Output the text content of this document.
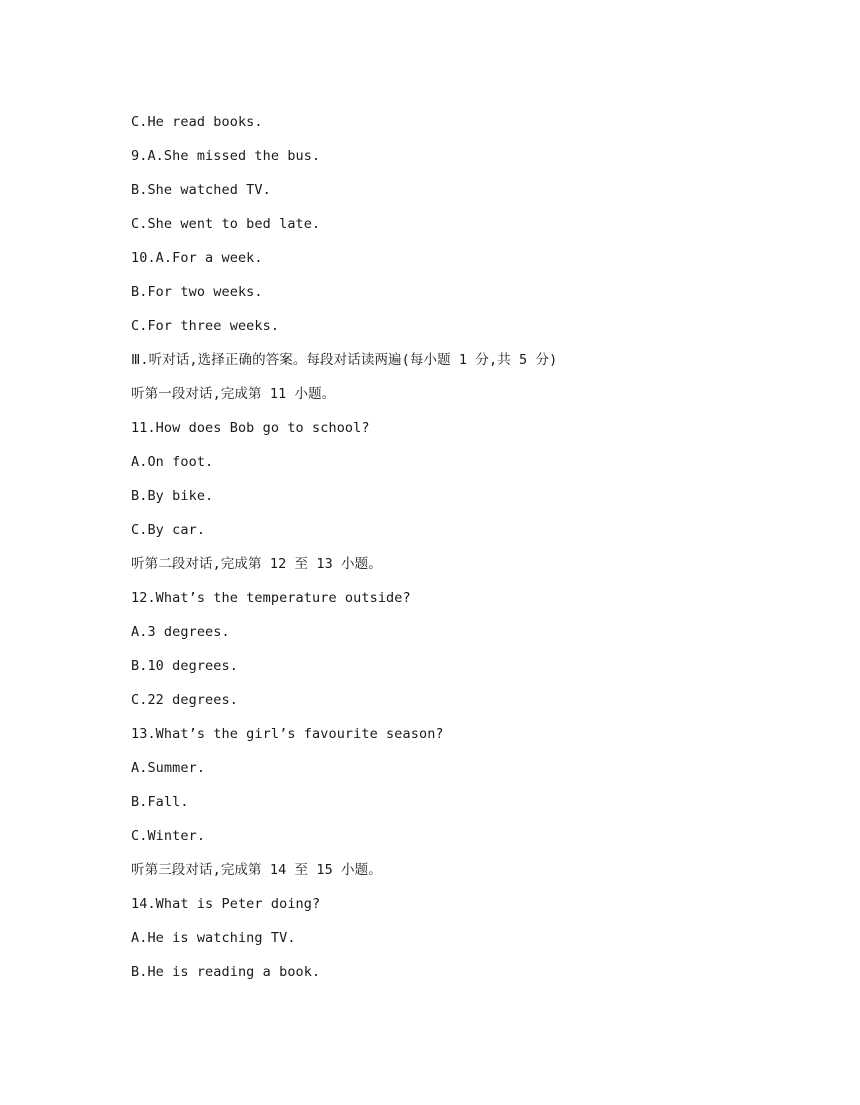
C.He read books.
9.A.She missed the bus.
B.She watched TV.
C.She went to bed late.
10.A.For a week.
B.For two weeks.
C.For three weeks.
Ⅲ.听对话,选择正确的答案。每段对话读两遍(每小题 1 分,共 5 分)
听第一段对话,完成第 11 小题。
11.How does Bob go to school?
A.On foot.
B.By bike.
C.By car.
听第二段对话,完成第 12 至 13 小题。
12.What’s the temperature outside?
A.3 degrees.
B.10 degrees.
C.22 degrees.
13.What’s the girl’s favourite season?
A.Summer.
B.Fall.
C.Winter.
听第三段对话,完成第 14 至 15 小题。
14.What is Peter doing?
A.He is watching TV.
B.He is reading a book.
